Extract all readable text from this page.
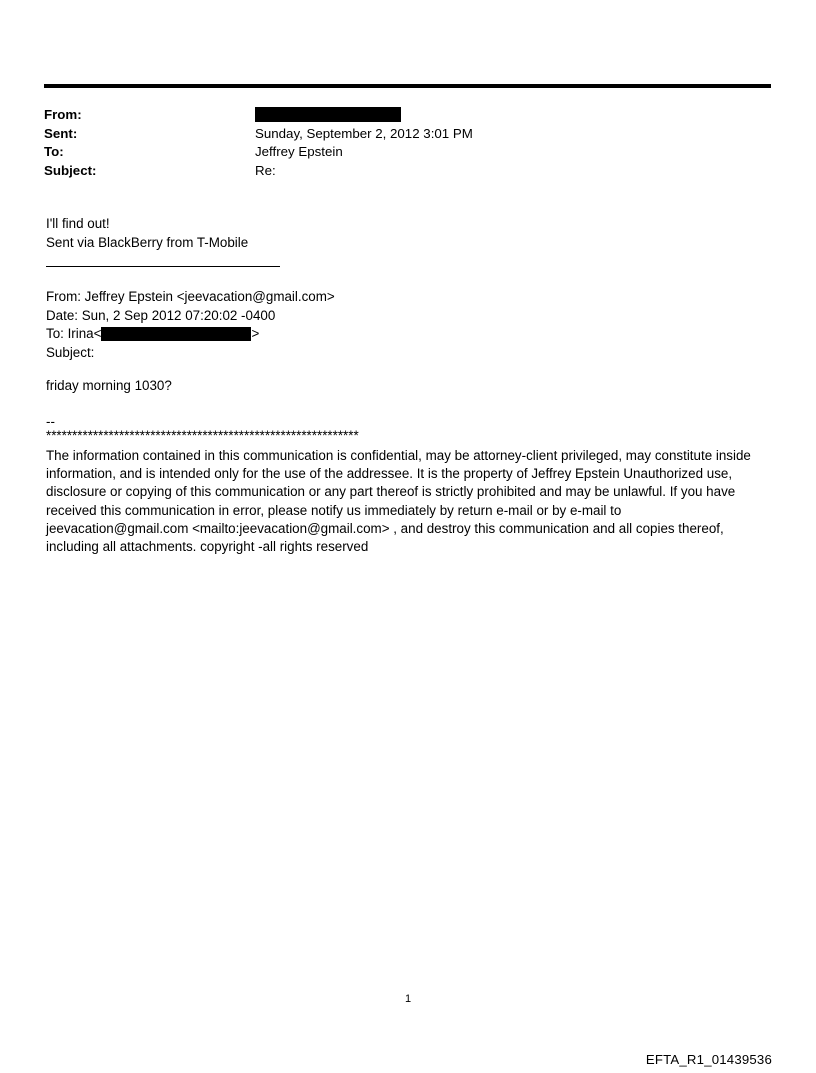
From:
Sent:	Sunday, September 2, 2012 3:01 PM
To:	Jeffrey Epstein
Subject:	Re:
I'll find out!
Sent via BlackBerry from T-Mobile
From: Jeffrey Epstein <jeevacation@gmail.com>
Date: Sun, 2 Sep 2012 07:20:02 -0400
To: Irina<	>
Subject:
friday morning 1030?
--
************************************************************
The information contained in this communication is confidential, may be attorney-client privileged, may constitute inside information, and is intended only for the use of the addressee. It is the property of Jeffrey Epstein Unauthorized use, disclosure or copying of this communication or any part thereof is strictly prohibited and may be unlawful. If you have received this communication in error, please notify us immediately by return e-mail or by e-mail to jeevacation@gmail.com <mailto:jeevacation@gmail.com> , and destroy this communication and all copies thereof, including all attachments. copyright -all rights reserved
1
EFTA_R1_01439536
